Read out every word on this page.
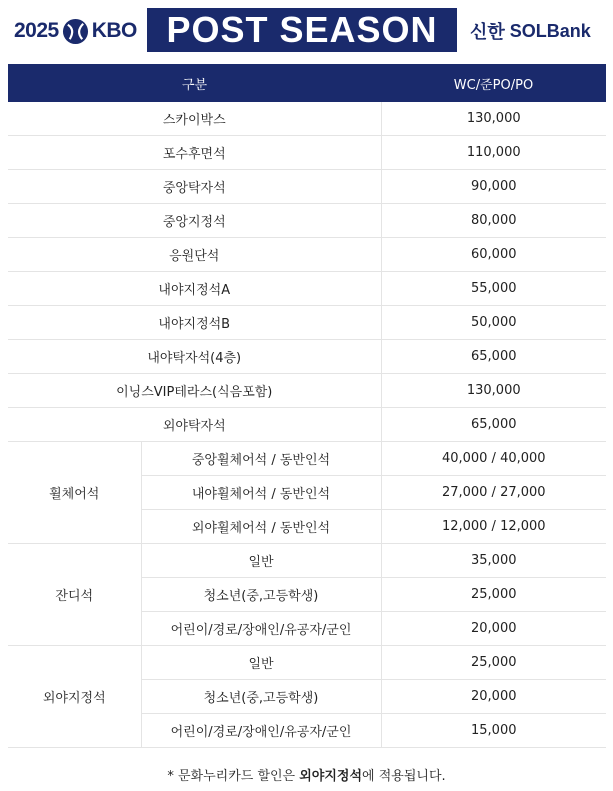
2025 KBO POST SEASON 신한 SOL Bank
구분		WC/준PO/PO
스카이박스		130,000
포수후면석		110,000
중앙탁자석		90,000
중앙지정석		80,000
응원단석		60,000
내야지정석A		55,000
내야지정석B		50,000
내야탁자석(4층)		65,000
이닝스VIP테라스(식음포함)		130,000
외야탁자석		65,000
휠체어석	중앙휠체어석 / 동반인석	40,000 / 40,000
	내야휠체어석 / 동반인석	27,000 / 27,000
	외야휠체어석 / 동반인석	12,000 / 12,000
잔디석	일반	35,000
	청소년(중,고등학생)	25,000
	어린이/경로/장애인/유공자/군인	20,000
외야지정석	일반	25,000
	청소년(중,고등학생)	20,000
	어린이/경로/장애인/유공자/군인	15,000
* 문화누리카드 할인은 외야지정석에 적용됩니다.
